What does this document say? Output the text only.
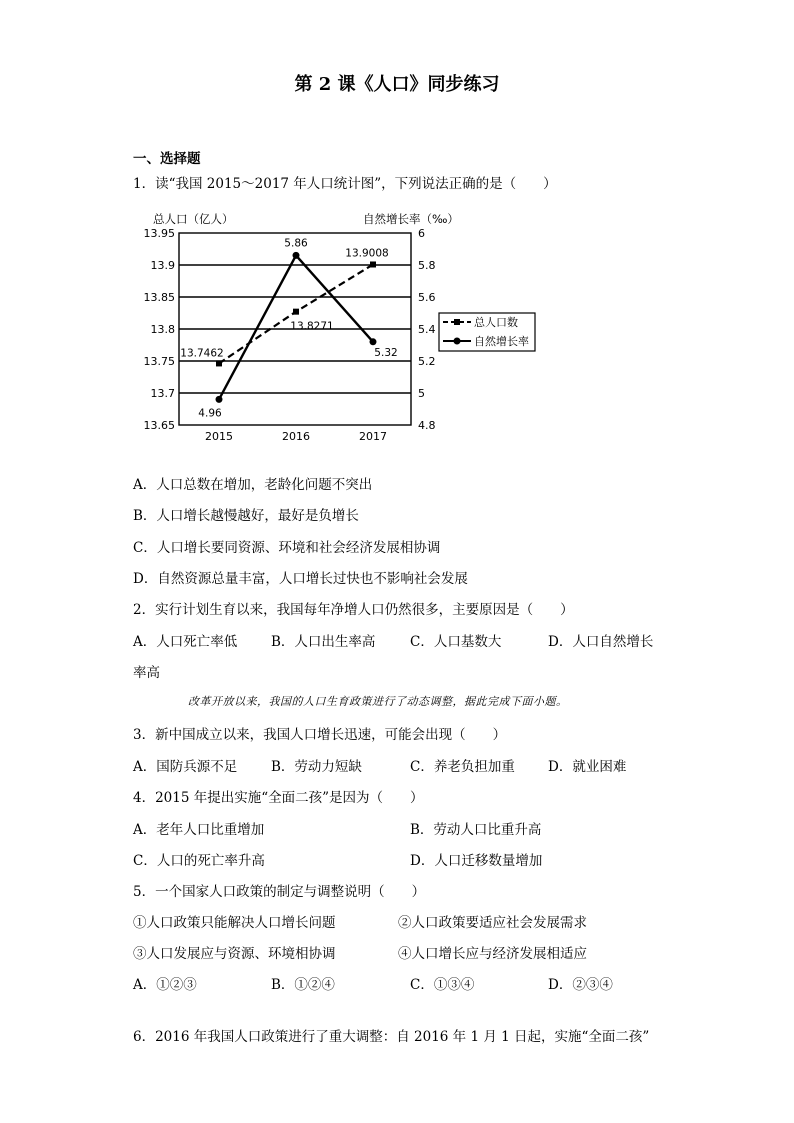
第 2 课《人口》同步练习
一、选择题
1．读“我国 2015～2017 年人口统计图”，下列说法正确的是（　　）
13.65
13.7
13.75
13.8
13.85
13.9
13.95
4.8
5
5.2
5.4
5.6
5.8
6
总人口（亿人）	自然增长率（‰）
2015	2016	2017
13.7462
13.8271
13.9008
4.96
5.86
5.32
总人口数
自然增长率
A．人口总数在增加，老龄化问题不突出
B．人口增长越慢越好，最好是负增长
C．人口增长要同资源、环境和社会经济发展相协调
D．自然资源总量丰富，人口增长过快也不影响社会发展
2．实行计划生育以来，我国每年净增人口仍然很多，主要原因是（　　）
A．人口死亡率低	B．人口出生率高	C．人口基数大	D．人口自然增长
率高
改革开放以来，我国的人口生育政策进行了动态调整，据此完成下面小题。
3．新中国成立以来，我国人口增长迅速，可能会出现（　　）
A．国防兵源不足	B．劳动力短缺	C．养老负担加重 D．就业困难
4．2015 年提出实施“全面二孩”是因为（　　）
A．老年人口比重增加	B．劳动人口比重升高
C．人口的死亡率升高	D．人口迁移数量增加
5．一个国家人口政策的制定与调整说明（　　）
①人口政策只能解决人口增长问题	②人口政策要适应社会发展需求
③人口发展应与资源、环境相协调	④人口增长应与经济发展相适应
A．①②③	B．①②④	C．①③④	D．②③④
6．2016 年我国人口政策进行了重大调整：自 2016 年 1 月 1 日起，实施“全面二孩”
